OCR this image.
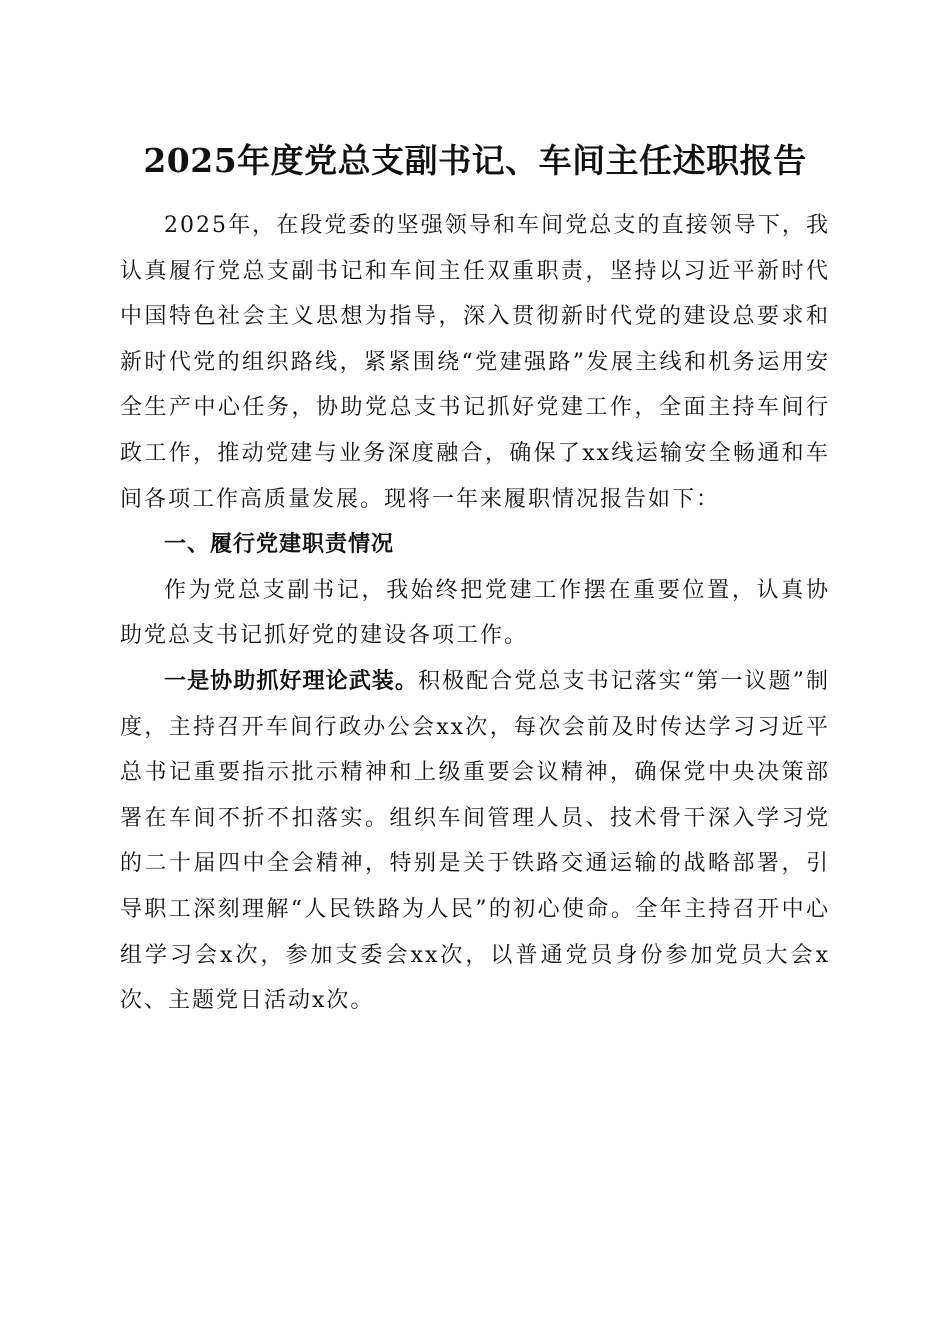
2025年度党总支副书记、车间主任述职报告

2025年，在段党委的坚强领导和车间党总支的直接领导下，我认真履行党总支副书记和车间主任双重职责，坚持以习近平新时代中国特色社会主义思想为指导，深入贯彻新时代党的建设总要求和新时代党的组织路线，紧紧围绕“党建强路”发展主线和机务运用安全生产中心任务，协助党总支书记抓好党建工作，全面主持车间行政工作，推动党建与业务深度融合，确保了xx线运输安全畅通和车间各项工作高质量发展。现将一年来履职情况报告如下：

一、履行党建职责情况

作为党总支副书记，我始终把党建工作摆在重要位置，认真协助党总支书记抓好党的建设各项工作。

一是协助抓好理论武装。积极配合党总支书记落实“第一议题”制度，主持召开车间行政办公会xx次，每次会前及时传达学习习近平总书记重要指示批示精神和上级重要会议精神，确保党中央决策部署在车间不折不扣落实。组织车间管理人员、技术骨干深入学习党的二十届四中全会精神，特别是关于铁路交通运输的战略部署，引导职工深刻理解“人民铁路为人民”的初心使命。全年主持召开中心组学习会x次，参加支委会xx次，以普通党员身份参加党员大会x次、主题党日活动x次。
